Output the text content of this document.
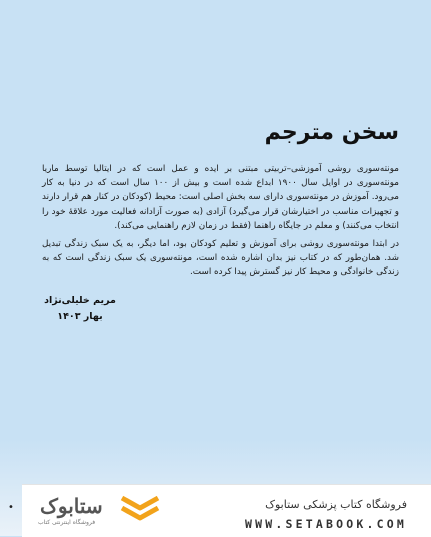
سخن مترجم

مونته‌سوری روشی آموزشی–تربیتی مبتنی بر ایده و عمل است که در ایتالیا توسط ماریا مونته‌سوری در اوایل سال ۱۹۰۰ ابداع شده است و بیش از ۱۰۰ سال است که در دنیا به کار می‌رود. آموزش در مونته‌سوری دارای سه بخش اصلی است: محیط (کودکان در کنار هم قرار دارند و تجهیزات مناسب در اختیارشان قرار می‌گیرد) آزادی (به صورت آزادانه فعالیت مورد علاقهٔ خود را انتخاب می‌کنند) و معلم در جایگاه راهنما (فقط در زمان لازم راهنمایی می‌کند).

در ابتدا مونته‌سوری روشی برای آموزش و تعلیم کودکان بود، اما دیگر، به یک سبک زندگی تبدیل شد. همان‌طور که در کتاب نیز بدان اشاره شده است، مونته‌سوری یک سبک زندگی است که به زندگی خانوادگی و محیط کار نیز گسترش پیدا کرده است.

مریم خلیلی‌نژاد
بهار ۱۴۰۳
•	فروشگاه کتاب پزشکی ستابوک
WWW.SETABOOK.COM
ستابوک
فروشگاه اینترنتی کتاب
